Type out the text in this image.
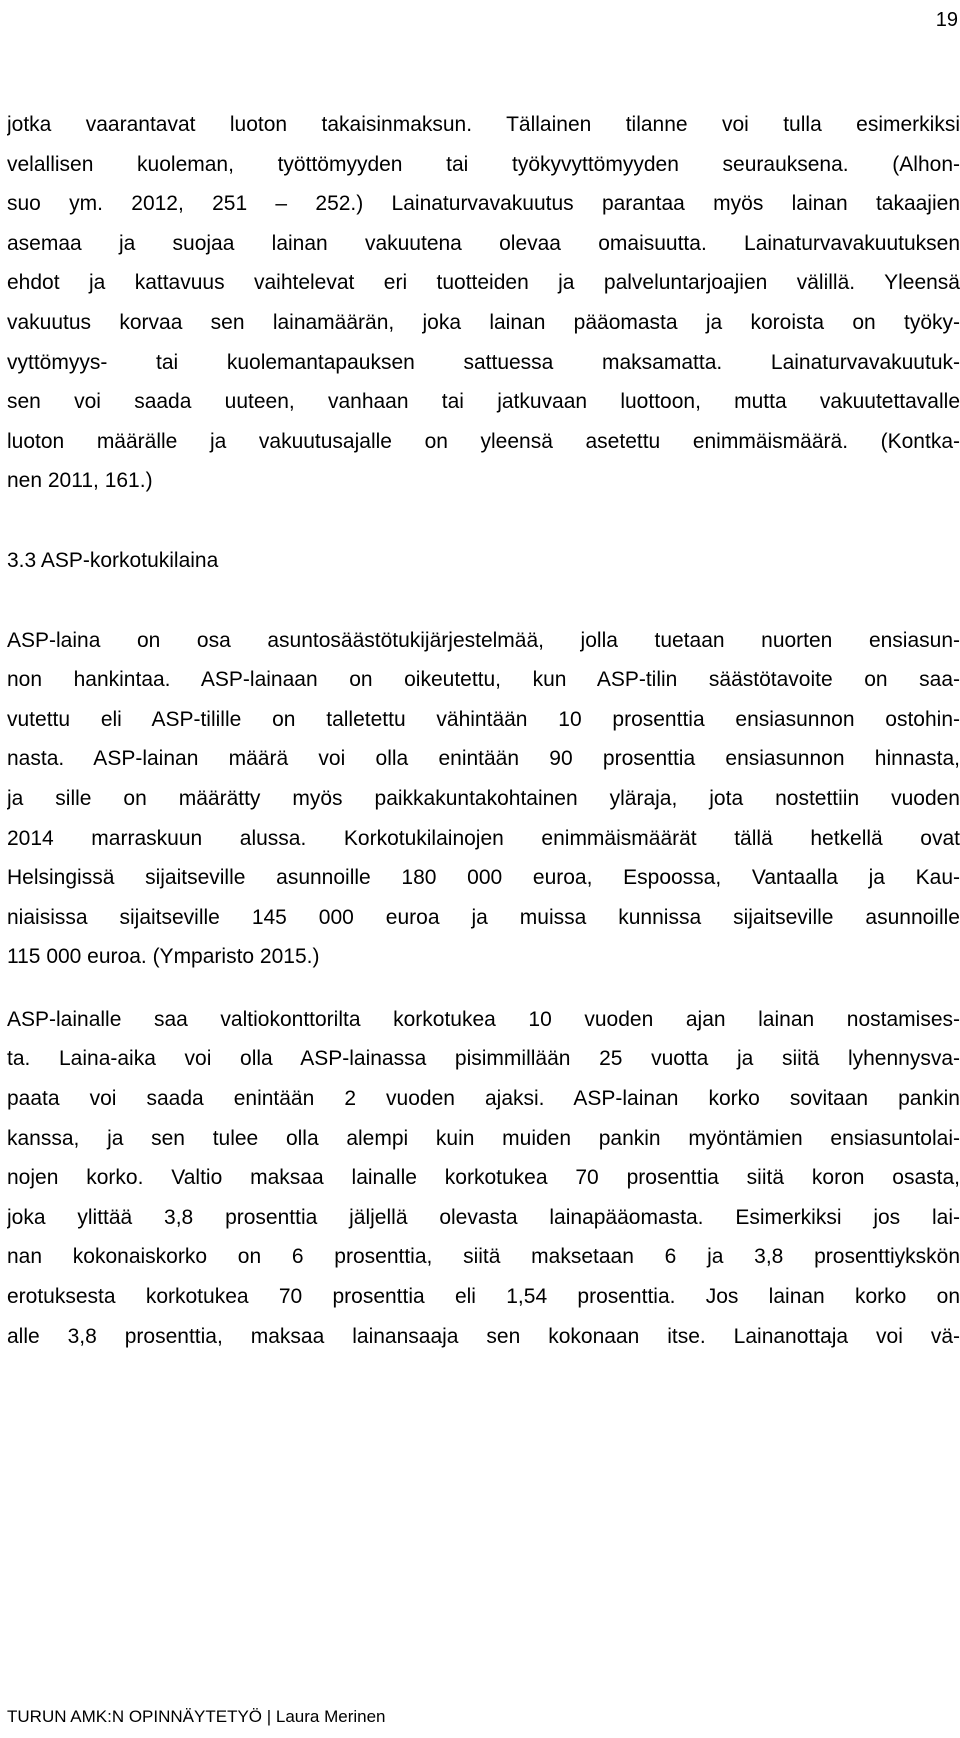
19
jotka vaarantavat luoton takaisinmaksun. Tällainen tilanne voi tulla esimerkiksi
velallisen kuoleman, työttömyyden tai työkyvyttömyyden seurauksena. (Alhon-
suo ym. 2012, 251 – 252.) Lainaturvavakuutus parantaa myös lainan takaajien
asemaa ja suojaa lainan vakuutena olevaa omaisuutta. Lainaturvavakuutuksen
ehdot ja kattavuus vaihtelevat eri tuotteiden ja palveluntarjoajien välillä. Yleensä
vakuutus korvaa sen lainamäärän, joka lainan pääomasta ja koroista on työky-
vyttömyys- tai kuolemantapauksen sattuessa maksamatta. Lainaturvavakuutuk-
sen voi saada uuteen, vanhaan tai jatkuvaan luottoon, mutta vakuutettavalle
luoton määrälle ja vakuutusajalle on yleensä asetettu enimmäismäärä. (Kontka-
nen 2011, 161.)
3.3 ASP-korkotukilaina
ASP-laina on osa asuntosäästötukijärjestelmää, jolla tuetaan nuorten ensiasun-
non hankintaa. ASP-lainaan on oikeutettu, kun ASP-tilin säästötavoite on saa-
vutettu eli ASP-tilille on talletettu vähintään 10 prosenttia ensiasunnon ostohin-
nasta. ASP-lainan määrä voi olla enintään 90 prosenttia ensiasunnon hinnasta,
ja sille on määrätty myös paikkakuntakohtainen yläraja, jota nostettiin vuoden
2014 marraskuun alussa. Korkotukilainojen enimmäismäärät tällä hetkellä ovat
Helsingissä sijaitseville asunnoille 180 000 euroa, Espoossa, Vantaalla ja Kau-
niaisissa sijaitseville 145 000 euroa ja muissa kunnissa sijaitseville asunnoille
115 000 euroa. (Ymparisto 2015.)
ASP-lainalle saa valtiokonttorilta korkotukea 10 vuoden ajan lainan nostamises-
ta. Laina-aika voi olla ASP-lainassa pisimmillään 25 vuotta ja siitä lyhennysva-
paata voi saada enintään 2 vuoden ajaksi. ASP-lainan korko sovitaan pankin
kanssa, ja sen tulee olla alempi kuin muiden pankin myöntämien ensiasuntolai-
nojen korko. Valtio maksaa lainalle korkotukea 70 prosenttia siitä koron osasta,
joka ylittää 3,8 prosenttia jäljellä olevasta lainapääomasta. Esimerkiksi jos lai-
nan kokonaiskorko on 6 prosenttia, siitä maksetaan 6 ja 3,8 prosenttiykskön
erotuksesta korkotukea 70 prosenttia eli 1,54 prosenttia. Jos lainan korko on
alle 3,8 prosenttia, maksaa lainansaaja sen kokonaan itse. Lainanottaja voi vä-
TURUN AMK:N OPINNÄYTETYÖ | Laura Merinen
